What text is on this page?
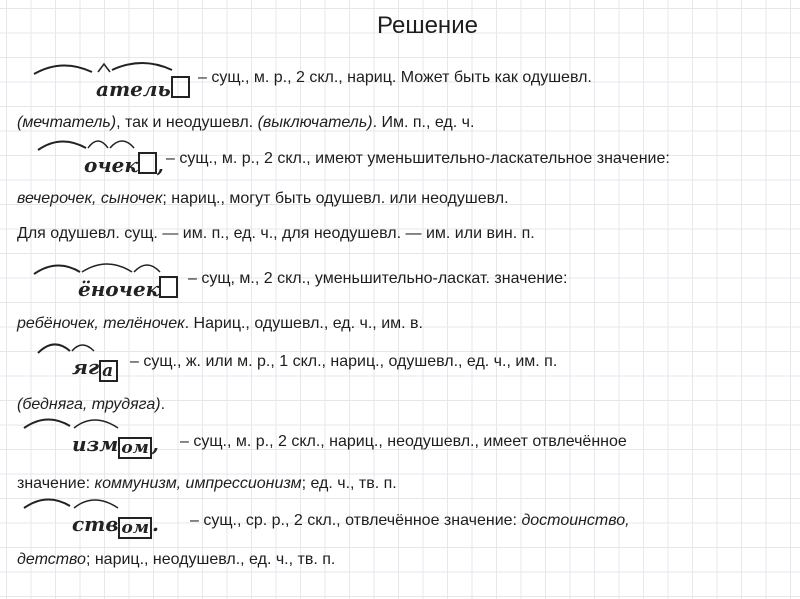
Решение
атель	– сущ., м. р., 2 скл., нариц. Может быть как одушевл.
(мечтатель), так и неодушевл. (выключатель). Им. п., ед. ч.
очек , – сущ., м. р., 2 скл., имеют уменьшительно-ласкательное значение:
вечерочек, сыночек; нариц., могут быть одушевл. или неодушевл.
Для одушевл. сущ. — им. п., ед. ч., для неодушевл. — им. или вин. п.
ёночек	– сущ, м., 2 скл., уменьшительно-ласкат. значение:
ребёночек, телёночек. Нариц., одушевл., ед. ч., им. в.
яг а	– сущ., ж. или м. р., 1 скл., нариц., одушевл., ед. ч., им. п.
(бедняга, трудяга).
изм ом , – сущ., м. р., 2 скл., нариц., неодушевл., имеет отвлечённое
значение: коммунизм, импрессионизм; ед. ч., тв. п.
ств ом . – сущ., ср. р., 2 скл., отвлечённое значение: достоинство,
детство; нариц., неодушевл., ед. ч., тв. п.
